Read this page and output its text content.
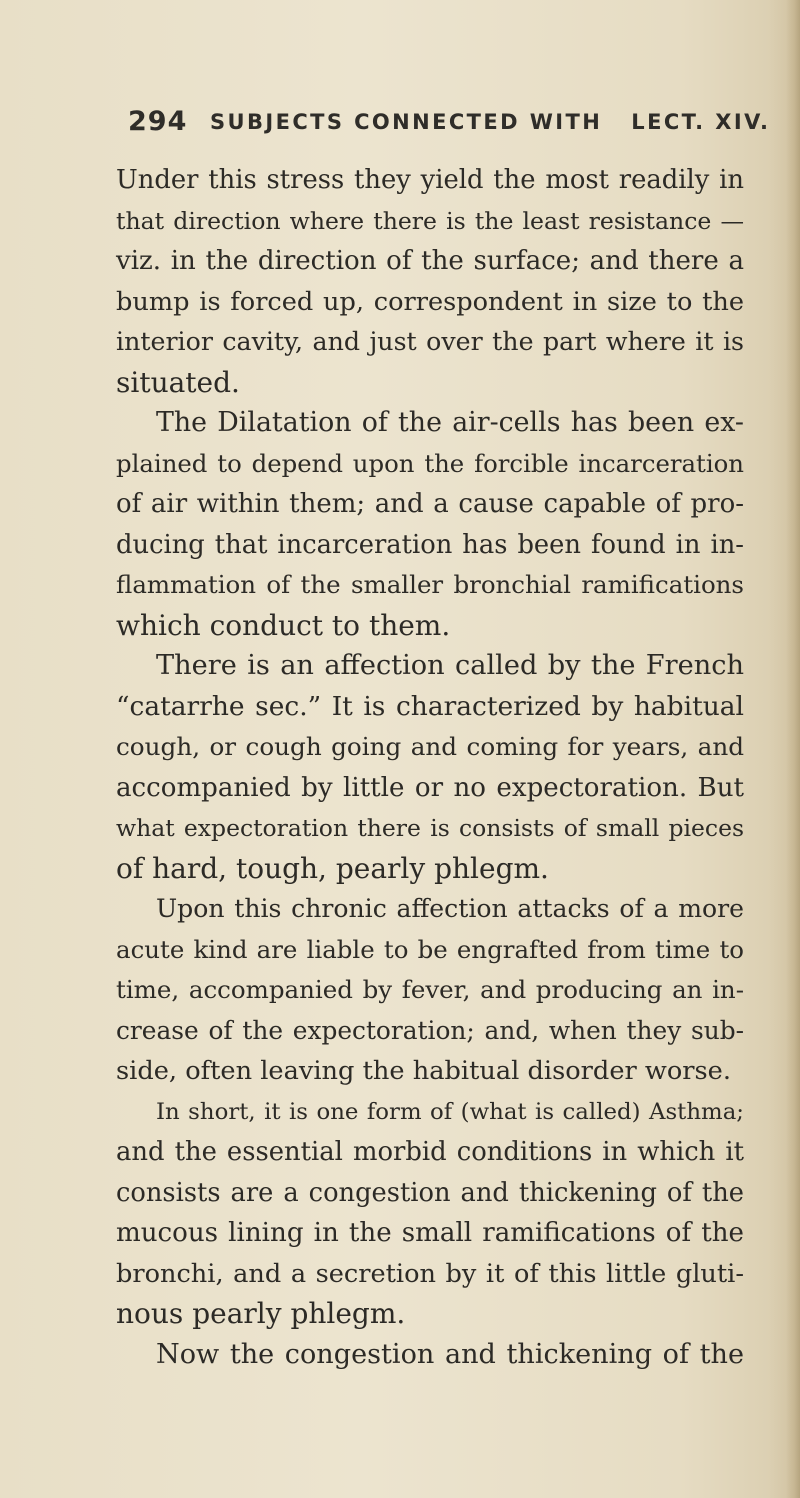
294 SUBJECTS CONNECTED WITH   LECT. XIV.
Under this stress they yield the most readily in
that direction where there is the least resistance —
viz. in the direction of the surface; and there a
bump is forced up, correspondent in size to the
interior cavity, and just over the part where it is
situated.
The Dilatation of the air-cells has been ex-
plained to depend upon the forcible incarceration
of air within them; and a cause capable of pro-
ducing that incarceration has been found in in-
flammation of the smaller bronchial ramifications
which conduct to them.
There is an affection called by the French
“catarrhe sec.” It is characterized by habitual
cough, or cough going and coming for years, and
accompanied by little or no expectoration. But
what expectoration there is consists of small pieces
of hard, tough, pearly phlegm.
Upon this chronic affection attacks of a more
acute kind are liable to be engrafted from time to
time, accompanied by fever, and producing an in-
crease of the expectoration; and, when they sub-
side, often leaving the habitual disorder worse.
In short, it is one form of (what is called) Asthma;
and the essential morbid conditions in which it
consists are a congestion and thickening of the
mucous lining in the small ramifications of the
bronchi, and a secretion by it of this little gluti-
nous pearly phlegm.
Now the congestion and thickening of the
